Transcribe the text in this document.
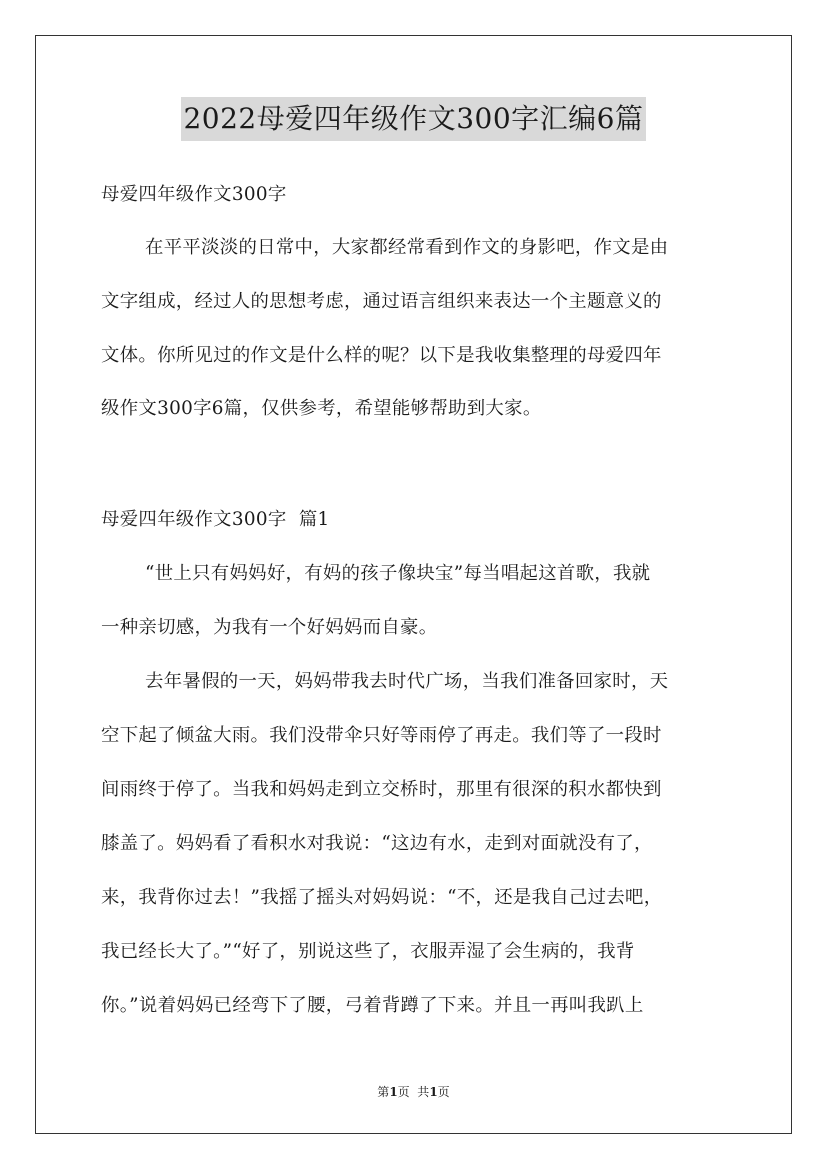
2022母爱四年级作文300字汇编6篇
母爱四年级作文300字
在平平淡淡的日常中，大家都经常看到作文的身影吧，作文是由
文字组成，经过人的思想考虑，通过语言组织来表达一个主题意义的
文体。你所见过的作文是什么样的呢？以下是我收集整理的母爱四年
级作文300字6篇，仅供参考，希望能够帮助到大家。
母爱四年级作文300字  篇1
“世上只有妈妈好，有妈的孩子像块宝”每当唱起这首歌，我就
一种亲切感，为我有一个好妈妈而自豪。
去年暑假的一天，妈妈带我去时代广场，当我们准备回家时，天
空下起了倾盆大雨。我们没带伞只好等雨停了再走。我们等了一段时
间雨终于停了。当我和妈妈走到立交桥时，那里有很深的积水都快到
膝盖了。妈妈看了看积水对我说：“这边有水，走到对面就没有了，
来，我背你过去！”我摇了摇头对妈妈说：“不，还是我自己过去吧，
我已经长大了。”“好了，别说这些了，衣服弄湿了会生病的，我背
你。”说着妈妈已经弯下了腰，弓着背蹲了下来。并且一再叫我趴上
第1页  共1页
